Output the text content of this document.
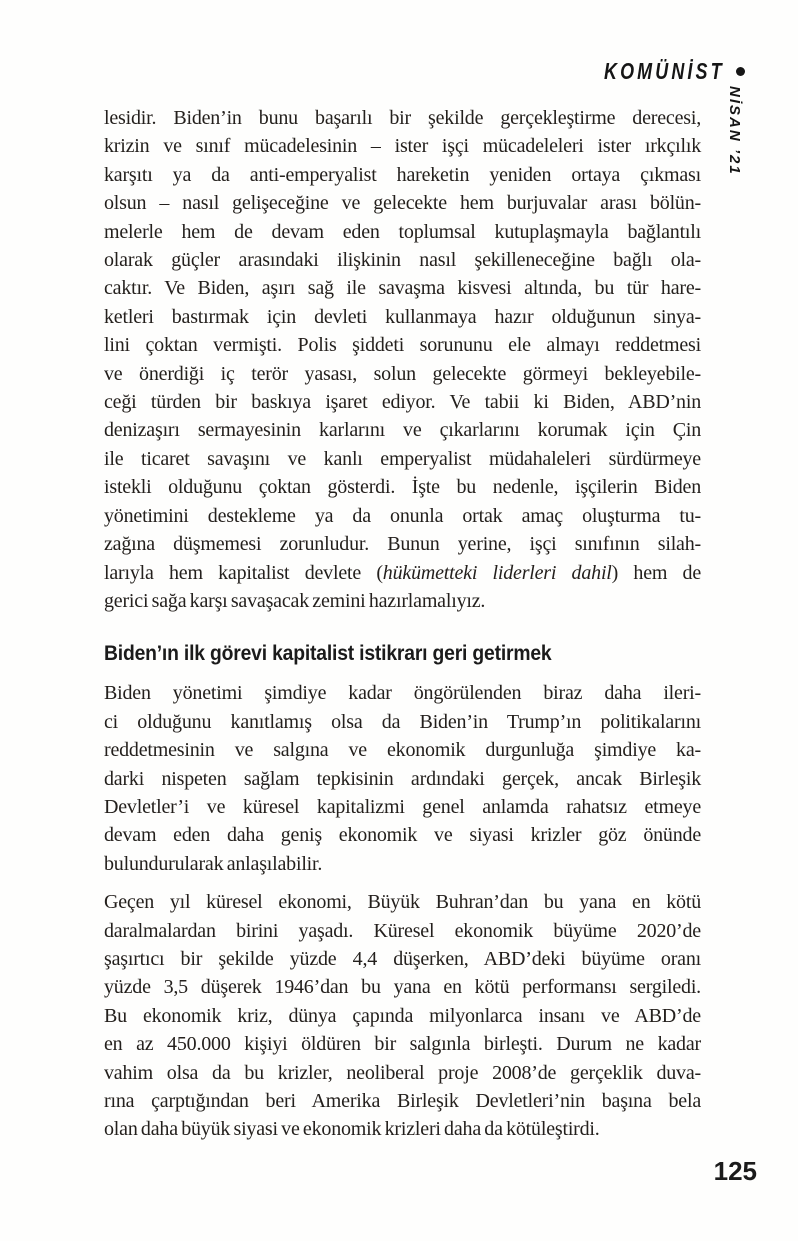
KOMÜNİST
NİSAN ’21
lesidir. Biden’in bunu başarılı bir şekilde gerçekleştirme derecesi,
krizin ve sınıf mücadelesinin – ister işçi mücadeleleri ister ırkçılık
karşıtı ya da anti-emperyalist hareketin yeniden ortaya çıkması
olsun – nasıl gelişeceğine ve gelecekte hem burjuvalar arası bölün-
melerle hem de devam eden toplumsal kutuplaşmayla bağlantılı
olarak güçler arasındaki ilişkinin nasıl şekilleneceğine bağlı ola-
caktır. Ve Biden, aşırı sağ ile savaşma kisvesi altında, bu tür hare-
ketleri bastırmak için devleti kullanmaya hazır olduğunun sinya-
lini çoktan vermişti. Polis şiddeti sorununu ele almayı reddetmesi
ve önerdiği iç terör yasası, solun gelecekte görmeyi bekleyebile-
ceği türden bir baskıya işaret ediyor. Ve tabii ki Biden, ABD’nin
denizaşırı sermayesinin karlarını ve çıkarlarını korumak için Çin
ile ticaret savaşını ve kanlı emperyalist müdahaleleri sürdürmeye
istekli olduğunu çoktan gösterdi. İşte bu nedenle, işçilerin Biden
yönetimini destekleme ya da onunla ortak amaç oluşturma tu-
zağına düşmemesi zorunludur. Bunun yerine, işçi sınıfının silah-
larıyla hem kapitalist devlete (hükümetteki liderleri dahil) hem de
gerici sağa karşı savaşacak zemini hazırlamalıyız.
Biden’ın ilk görevi kapitalist istikrarı geri getirmek
Biden yönetimi şimdiye kadar öngörülenden biraz daha ileri-
ci olduğunu kanıtlamış olsa da Biden’in Trump’ın politikalarını
reddetmesinin ve salgına ve ekonomik durgunluğa şimdiye ka-
darki nispeten sağlam tepkisinin ardındaki gerçek, ancak Birleşik
Devletler’i ve küresel kapitalizmi genel anlamda rahatsız etmeye
devam eden daha geniş ekonomik ve siyasi krizler göz önünde
bulundurularak anlaşılabilir.
Geçen yıl küresel ekonomi, Büyük Buhran’dan bu yana en kötü
daralmalardan birini yaşadı. Küresel ekonomik büyüme 2020’de
şaşırtıcı bir şekilde yüzde 4,4 düşerken, ABD’deki büyüme oranı
yüzde 3,5 düşerek 1946’dan bu yana en kötü performansı sergiledi.
Bu ekonomik kriz, dünya çapında milyonlarca insanı ve ABD’de
en az 450.000 kişiyi öldüren bir salgınla birleşti. Durum ne kadar
vahim olsa da bu krizler, neoliberal proje 2008’de gerçeklik duva-
rına çarptığından beri Amerika Birleşik Devletleri’nin başına bela
olan daha büyük siyasi ve ekonomik krizleri daha da kötüleştirdi.
125
